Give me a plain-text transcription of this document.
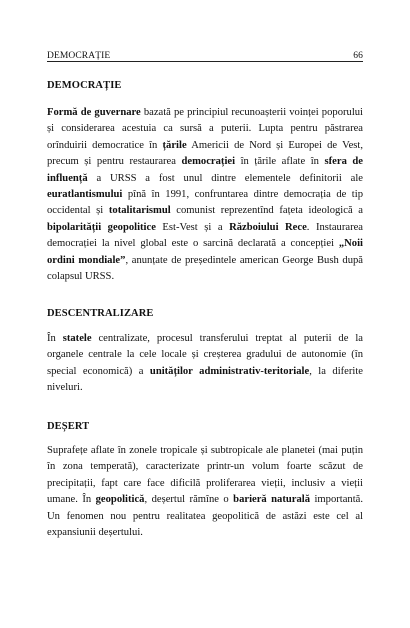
DEMOCRAȚIE	66
DEMOCRAȚIE

Formă de guvernare bazată pe principiul recunoașterii voinței poporului și considerarea acestuia ca sursă a puterii. Lupta pentru păstrarea orînduirii democratice în țările Americii de Nord și Europei de Vest, precum și pentru restaurarea democrației în țările aflate în sfera de influență a URSS a fost unul dintre elementele definitorii ale euratlantismului pînă în 1991, confruntarea dintre democrația de tip occidental și totalitarismul comunist reprezentînd fațeta ideologică a bipolarității geopolitice Est-Vest și a Războiului Rece. Instaurarea democrației la nivel global este o sarcină declarată a concepției „Noii ordini mondiale”, anunțate de președintele american George Bush după colapsul URSS.

DESCENTRALIZARE

În statele centralizate, procesul transferului treptat al puterii de la organele centrale la cele locale și creșterea gradului de autonomie (în special economică) a unităților administrativ-teritoriale, la diferite niveluri.

DEȘERT

Suprafețe aflate în zonele tropicale și subtropicale ale planetei (mai puțin în zona temperată), caracterizate printr-un volum foarte scăzut de precipitații, fapt care face dificilă proliferarea vieții, inclusiv a vieții umane. În geopolitică, deșertul rămîne o barieră naturală importantă. Un fenomen nou pentru realitatea geopolitică de astăzi este cel al expansiunii deșertului.
